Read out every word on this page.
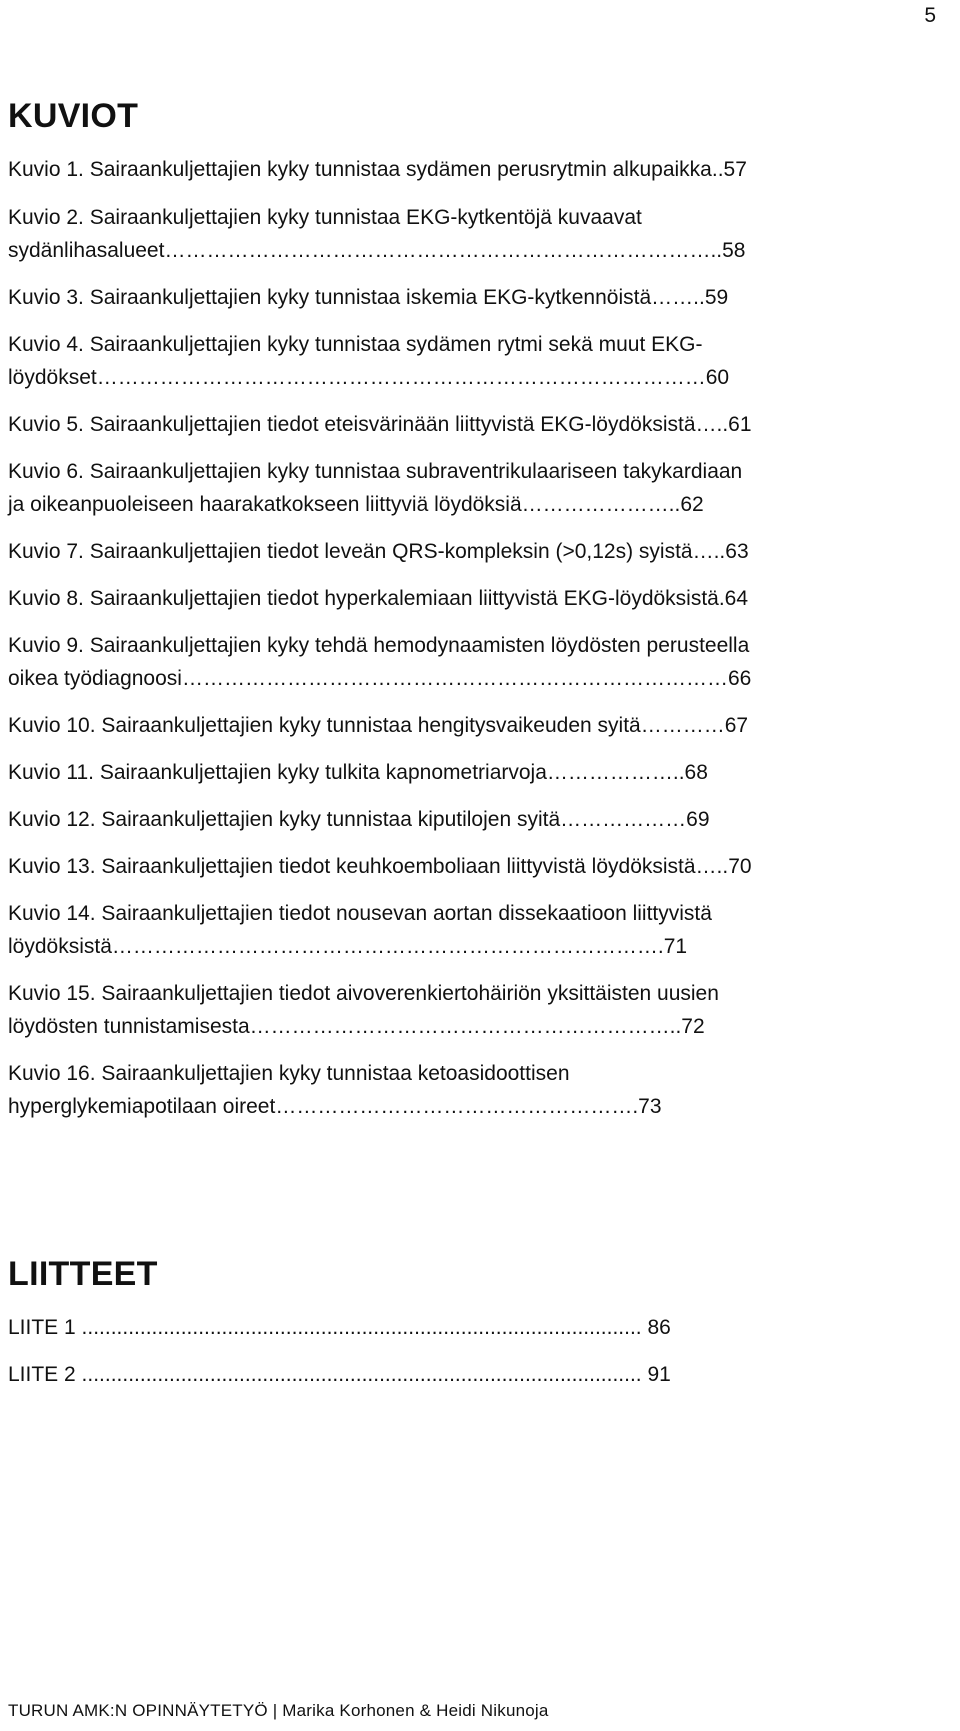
5
KUVIOT
Kuvio 1. Sairaankuljettajien kyky tunnistaa sydämen perusrytmin alkupaikka..57
Kuvio 2. Sairaankuljettajien kyky tunnistaa EKG-kytkentöjä kuvaavat
sydänlihasalueet……………………………………………………………………..58
Kuvio 3. Sairaankuljettajien kyky tunnistaa iskemia EKG-kytkennöistä……..59
Kuvio 4. Sairaankuljettajien kyky tunnistaa sydämen rytmi sekä muut EKG-
löydökset……………………………………………………………………………60
Kuvio 5. Sairaankuljettajien tiedot eteisvärinään liittyvistä EKG-löydöksistä…..61
Kuvio 6. Sairaankuljettajien kyky tunnistaa subraventrikulaariseen takykardiaan
ja oikeanpuoleiseen haarakatkokseen liittyviä löydöksiä…………………..62
Kuvio 7. Sairaankuljettajien tiedot leveän QRS-kompleksin (>0,12s) syistä…..63
Kuvio 8. Sairaankuljettajien tiedot hyperkalemiaan liittyvistä EKG-löydöksistä.64
Kuvio 9. Sairaankuljettajien kyky tehdä hemodynaamisten löydösten perusteella
oikea työdiagnoosi……………………………………………………………………66
Kuvio 10. Sairaankuljettajien kyky tunnistaa hengitysvaikeuden syitä…………67
Kuvio 11. Sairaankuljettajien kyky tulkita kapnometriarvoja………………..68
Kuvio 12. Sairaankuljettajien kyky tunnistaa kiputilojen syitä………………69
Kuvio 13. Sairaankuljettajien tiedot keuhkoemboliaan liittyvistä löydöksistä…..70
Kuvio 14. Sairaankuljettajien tiedot nousevan aortan dissekaatioon liittyvistä
löydöksistä…………………………………………………………………….71
Kuvio 15. Sairaankuljettajien tiedot aivoverenkiertohäiriön yksittäisten uusien
löydösten tunnistamisesta……………………………………………………..72
Kuvio 16. Sairaankuljettajien kyky tunnistaa ketoasidoottisen
hyperglykemiapotilaan oireet…………………………………………….73
LIITTEET
LIITE 1 ................................................................................................ 86
LIITE 2 ................................................................................................ 91
TURUN AMK:N OPINNÄYTETYÖ | Marika Korhonen & Heidi Nikunoja
